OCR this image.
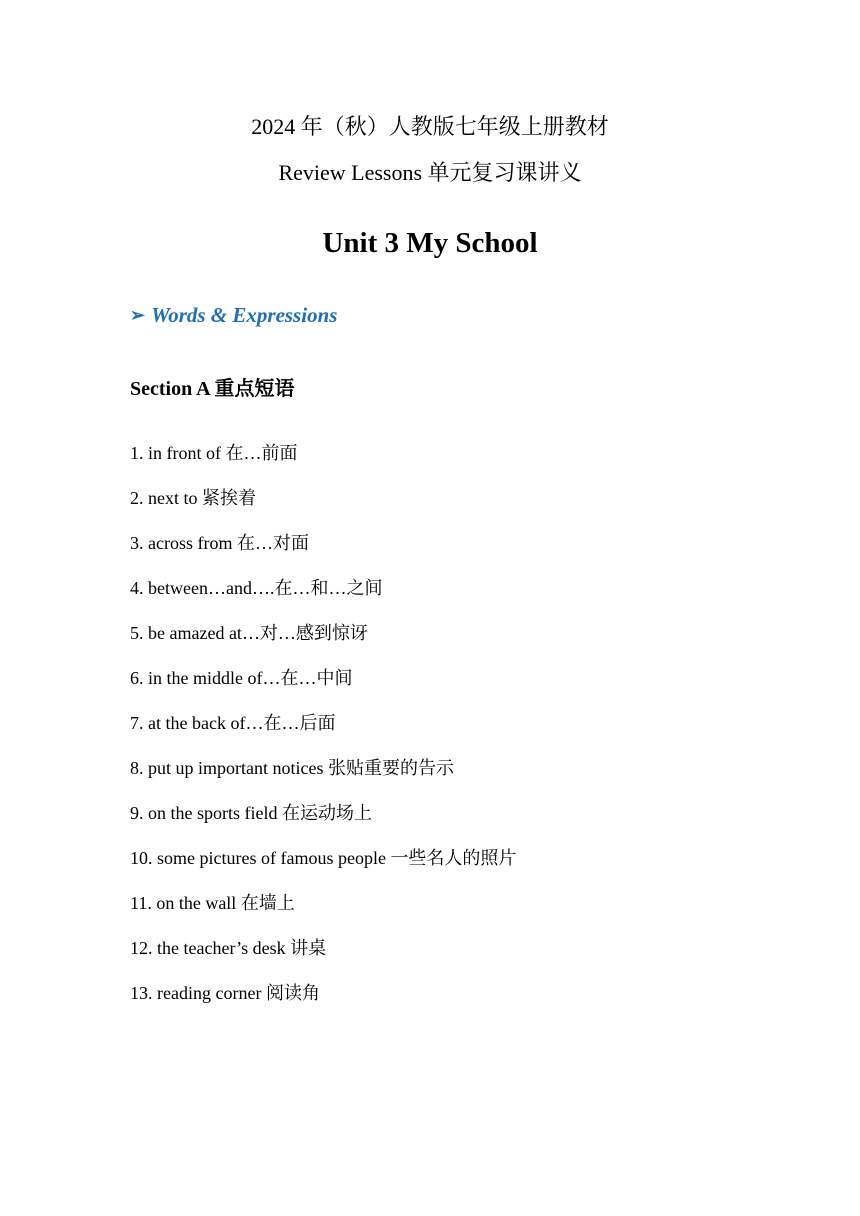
2024 年（秋）人教版七年级上册教材
Review Lessons 单元复习课讲义
Unit 3 My School
➢ Words & Expressions
Section A 重点短语
1. in front of 在…前面
2. next to 紧挨着
3. across from 在…对面
4. between…and….在…和…之间
5. be amazed at…对…感到惊讶
6. in the middle of…在…中间
7. at the back of…在…后面
8. put up important notices 张贴重要的告示
9. on the sports field 在运动场上
10. some pictures of famous people 一些名人的照片
11. on the wall 在墙上
12. the teacher’s desk 讲桌
13. reading corner 阅读角
